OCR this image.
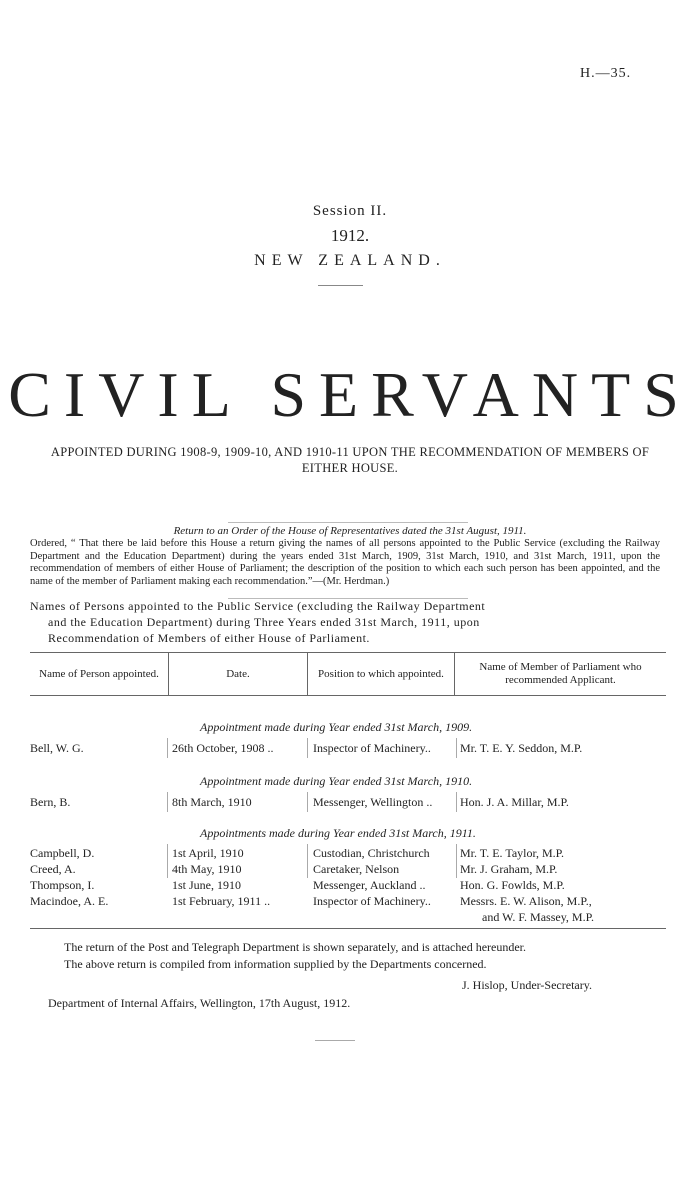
H.—35.
Session II.
1912.
NEW ZEALAND.
CIVIL SERVANTS
APPOINTED DURING 1908-9, 1909-10, AND 1910-11 UPON THE RECOMMENDATION OF MEMBERS OF EITHER HOUSE.
Return to an Order of the House of Representatives dated the 31st August, 1911.
Ordered, “ That there be laid before this House a return giving the names of all persons appointed to the Public Service (excluding the Railway Department and the Education Department) during the years ended 31st March, 1909, 31st March, 1910, and 31st March, 1911, upon the recommendation of members of either House of Parliament; the description of the position to which each such person has been appointed, and the name of the member of Parliament making each recommendation.”—(Mr. Herdman.)
Names of Persons appointed to the Public Service (excluding the Railway Department
and the Education Department) during Three Years ended 31st March, 1911, upon
Recommendation of Members of either House of Parliament.
Name of Person appointed.	Date.	Position to which appointed.	Name of Member of Parliament who recommended Applicant.
Appointment made during Year ended 31st March, 1909.
Bell, W. G.	26th October, 1908 ..	Inspector of Machinery.. Mr. T. E. Y. Seddon, M.P.
Appointment made during Year ended 31st March, 1910.
Bern, B.	8th March, 1910	Messenger, Wellington .. Hon. J. A. Millar, M.P.
Appointments made during Year ended 31st March, 1911.
Campbell, D.	1st April, 1910	Custodian, Christchurch	Mr. T. E. Taylor, M.P.
Creed, A.	4th May, 1910	Caretaker, Nelson	Mr. J. Graham, M.P.
Thompson, I.	1st June, 1910	Messenger, Auckland ..	Hon. G. Fowlds, M.P.
Macindoe, A. E.	1st February, 1911 ..	Inspector of Machinery.. Messrs. E. W. Alison, M.P.,
and W. F. Massey, M.P.
The return of the Post and Telegraph Department is shown separately, and is attached hereunder.
The above return is compiled from information supplied by the Departments concerned.
J. Hislop, Under-Secretary.
Department of Internal Affairs, Wellington, 17th August, 1912.
